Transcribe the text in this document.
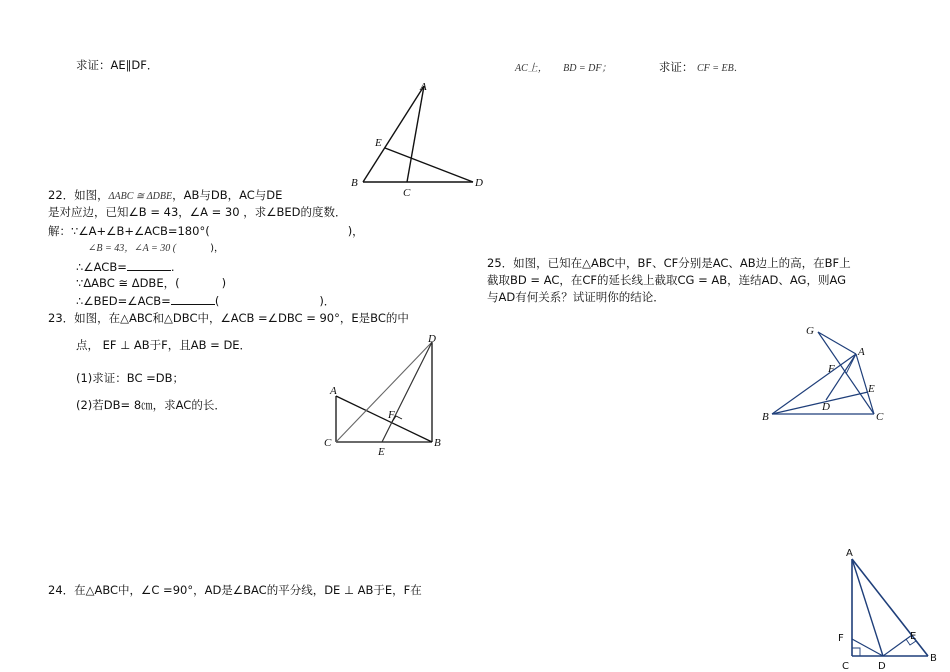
求证：AE∥DF．
A
E
B
C
D
22．如图，ΔABC ≅ ΔDBE，AB与DB，AC与DE
是对应边，已知∠B = 43，∠A = 30 ，求∠BED的度数．
解：∵∠A+∠B+∠ACB=180°(	)，
∠B = 43，∠A = 30 (	)，
∴∠ACB=	.
∵ΔABC ≅ ΔDBE，(	)
∴∠BED=∠ACB=	(	)．
23．如图，在△ABC和△DBC中，∠ACB =∠DBC = 90°，E是BC的中
点， EF ⊥ AB于F，且AB = DE．
(1)求证：BC =DB；
(2)若DB= 8㎝，求AC的长．
D
A
F
C	B
E
24．在△ABC中，∠C =90°，AD是∠BAC的平分线，DE ⊥ AB于E，F在
AC上， BD = DF；	求证： CF = EB．
25．如图，已知在△ABC中，BF、CF分别是AC、AB边上的高，在BF上
截取BD = AC，在CF的延长线上截取CG = AB，连结AD、AG，则AG
与AD有何关系？试证明你的结论．
G
A
F
E
D
B	C
A
F	E
C	D
B
